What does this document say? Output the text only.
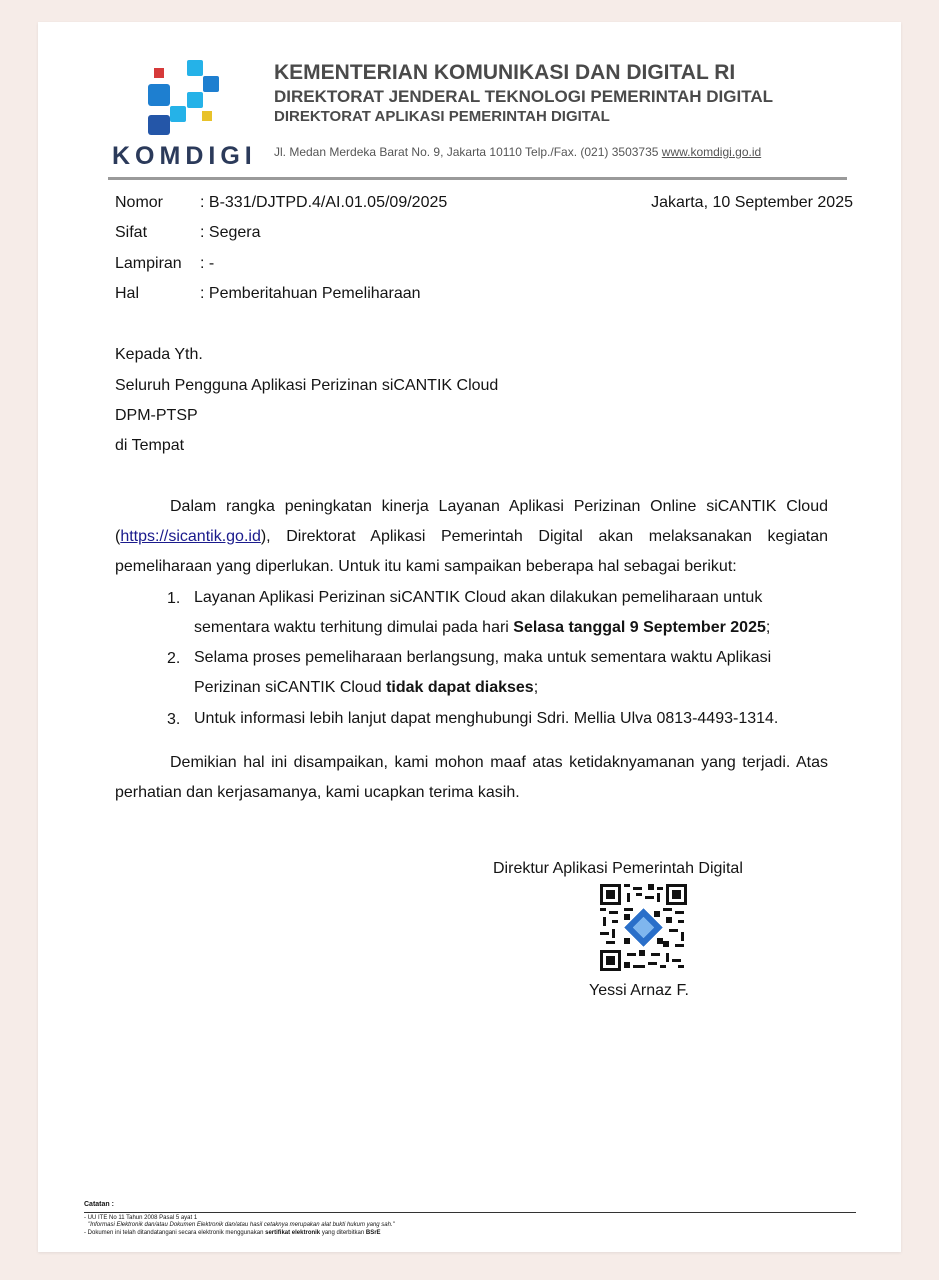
KOMDIGI
KEMENTERIAN KOMUNIKASI DAN DIGITAL RI
DIREKTORAT JENDERAL TEKNOLOGI PEMERINTAH DIGITAL
DIREKTORAT APLIKASI PEMERINTAH DIGITAL
Jl. Medan Merdeka Barat No. 9, Jakarta 10110 Telp./Fax. (021) 3503735 www.komdigi.go.id
Nomor : B-331/DJTPD.4/AI.01.05/09/2025	Jakarta, 10 September 2025
Sifat	: Segera
Lampiran : -
Hal	: Pemberitahuan Pemeliharaan
Kepada Yth.
Seluruh Pengguna Aplikasi Perizinan siCANTIK Cloud
DPM-PTSP
di Tempat
Dalam rangka peningkatan kinerja Layanan Aplikasi Perizinan Online siCANTIK Cloud (https://sicantik.go.id), Direktorat Aplikasi Pemerintah Digital akan melaksanakan kegiatan pemeliharaan yang diperlukan. Untuk itu kami sampaikan beberapa hal sebagai berikut:
1. Layanan Aplikasi Perizinan siCANTIK Cloud akan dilakukan pemeliharaan untuk sementara waktu terhitung dimulai pada hari Selasa tanggal 9 September 2025;
2. Selama proses pemeliharaan berlangsung, maka untuk sementara waktu Aplikasi Perizinan siCANTIK Cloud tidak dapat diakses;
3. Untuk informasi lebih lanjut dapat menghubungi Sdri. Mellia Ulva 0813-4493-1314.
Demikian hal ini disampaikan, kami mohon maaf atas ketidaknyamanan yang terjadi. Atas perhatian dan kerjasamanya, kami ucapkan terima kasih.
Direktur Aplikasi Pemerintah Digital
Yessi Arnaz F.
Catatan :
- UU ITE No 11 Tahun 2008 Pasal 5 ayat 1
"Informasi Elektronik dan/atau Dokumen Elektronik dan/atau hasil cetaknya merupakan alat bukti hukum yang sah."
- Dokumen ini telah ditandatangani secara elektronik menggunakan sertifikat elektronik yang diterbitkan BSrE
